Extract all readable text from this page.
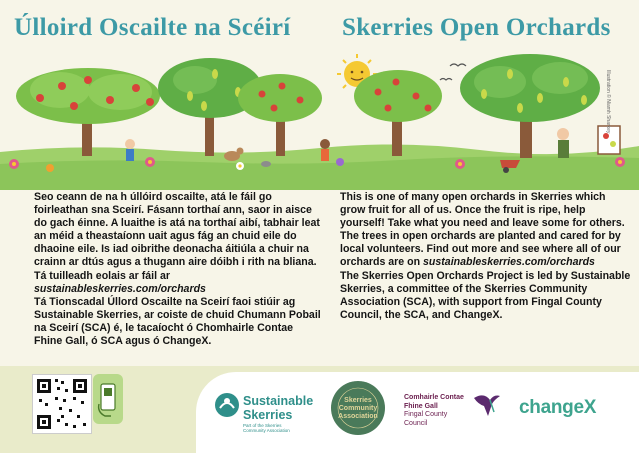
Úlloird Oscailte na Scéirí Skerries Open Orchards
Illustration © Niamh Sharkey

Seo ceann de na h úllóird oscailte, atá le fáil go foirleathan sna Sceirí. Fásann torthaí ann, saor in aisce do gach éinne. A luaithe is atá na torthaí aibí, tabhair leat an méid a theastaíonn uait agus fág an chuid eile do dhaoine eile. Is iad oibrithe deonacha áitiúla a chuir na crainn ar dtús agus a thugann aire dóibh i rith na bliana. Tá tuilleadh eolais ar fáil ar sustainableskerries.com/orchards

Tá Tionscadal Úllord Oscailte na Sceirí faoi stiúir ag Sustainable Skerries, ar coiste de chuid Chumann Pobail na Sceirí (SCA) é, le tacaíocht ó Chomhairle Contae Fhine Gall, ó SCA agus ó ChangeX.

This is one of many open orchards in Skerries which grow fruit for all of us. Once the fruit is ripe, help yourself! Take what you need and leave some for others. The trees in open orchards are planted and cared for by local volunteers. Find out more and see where all of our orchards are on sustainableskerries.com/orchards

The Skerries Open Orchards Project is led by Sustainable Skerries, a committee of the Skerries Community Association (SCA), with support from Fingal County Council, the SCA, and ChangeX.

Sustainable
Skerries
Part of the Skerries Community Association
Skerries
Community
Association
Comhairle Contae
Fhine Gall
Fingal County
Council
changeX
